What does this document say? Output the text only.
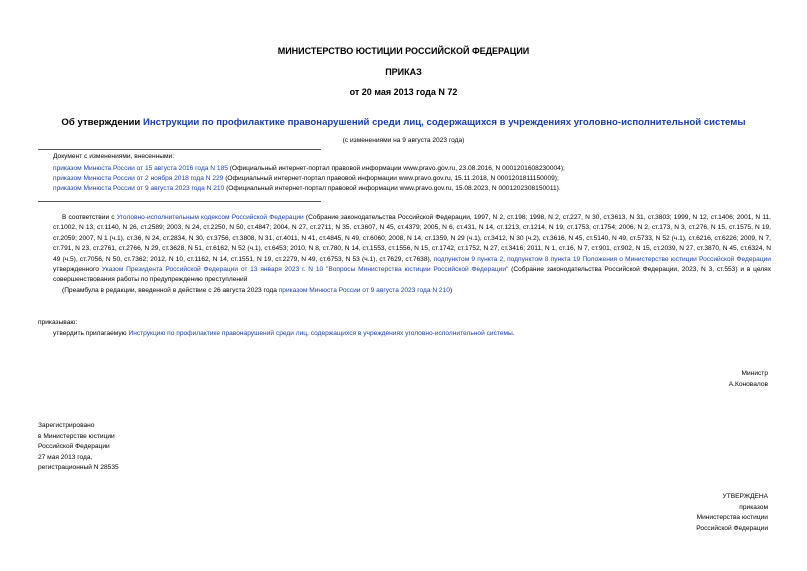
МИНИСТЕРСТВО ЮСТИЦИИ РОССИЙСКОЙ ФЕДЕРАЦИИ
ПРИКАЗ
от 20 мая 2013 года N 72
Об утверждении Инструкции по профилактике правонарушений среди лиц, содержащихся в учреждениях уголовно-исполнительной системы
(с изменениями на 9 августа 2023 года)
Документ с изменениями, внесенными:
приказом Минюста России от 15 августа 2016 года N 185 (Официальный интернет-портал правовой информации www.pravo.gov.ru, 23.08.2016, N 0001201608230004);
приказом Минюста России от 2 ноября 2018 года N 229 (Официальный интернет-портал правовой информации www.pravo.gov.ru, 15.11.2018, N 0001201811150009);
приказом Минюста России от 9 августа 2023 года N 210 (Официальный интернет-портал правовой информации www.pravo.gov.ru, 15.08.2023, N 0001202308150011).
В соответствии с Уголовно-исполнительным кодексом Российской Федерации (Собрание законодательства Российской Федерации, 1997, N 2, ст.198; 1998, N 2, ст.227, N 30, ст.3613, N 31, ст.3803; 1999, N 12, ст.1406; 2001, N 11, ст.1002, N 13, ст.1140, N 26, ст.2589; 2003, N 24, ст.2250, N 50, ст.4847; 2004, N 27, ст.2711, N 35, ст.3607, N 45, ст.4379; 2005, N 6, ст.431, N 14, ст.1213, ст.1214, N 19, ст.1753, ст.1754; 2006, N 2, ст.173, N 3, ст.276, N 15, ст.1575, N 19, ст.2059; 2007, N 1 (ч.1), ст.36, N 24, ст.2834, N 30, ст.3756, ст.3808, N 31, ст.4011, N 41, ст.4845, N 49, ст.6060; 2008, N 14, ст.1359, N 29 (ч.1), ст.3412, N 30 (ч.2), ст.3616, N 45, ст.5140, N 49, ст.5733, N 52 (ч.1), ст.6216, ст.6226; 2009, N 7, ст.791, N 23, ст.2761, ст.2766, N 29, ст.3628, N 51, ст.6162, N 52 (ч.1), ст.6453; 2010, N 8, ст.780, N 14, ст.1553, ст.1556, N 15, ст.1742, ст.1752, N 27, ст.3416; 2011, N 1, ст.16, N 7, ст.901, ст.902, N 15, ст.2039, N 27, ст.3870, N 45, ст.6324, N 49 (ч.5), ст.7056, N 50, ст.7362; 2012, N 10, ст.1162, N 14, ст.1551, N 19, ст.2279, N 49, ст.6753, N 53 (ч.1), ст.7629, ст.7638), подпунктом 9 пункта 2, подпунктом 8 пункта 19 Положения о Министерстве юстиции Российской Федерации утвержденного Указом Президента Российской Федерации от 13 января 2023 г. N 10 "Вопросы Министерства юстиции Российской Федерации" (Собрание законодательства Российской Федерации, 2023, N 3, ст.553) и в целях совершенствования работы по предупреждению преступлений
(Преамбула в редакции, введенной в действие с 26 августа 2023 года приказом Минюста России от 9 августа 2023 года N 210)
приказываю:
утвердить прилагаемую Инструкцию по профилактике правонарушений среди лиц, содержащихся в учреждениях уголовно-исполнительной системы.
Министр
А.Коновалов
Зарегистрировано
в Министерстве юстиции
Российской Федерации
27 мая 2013 года,
регистрационный N 28535
УТВЕРЖДЕНА
приказом
Министерства юстиции
Российской Федерации
